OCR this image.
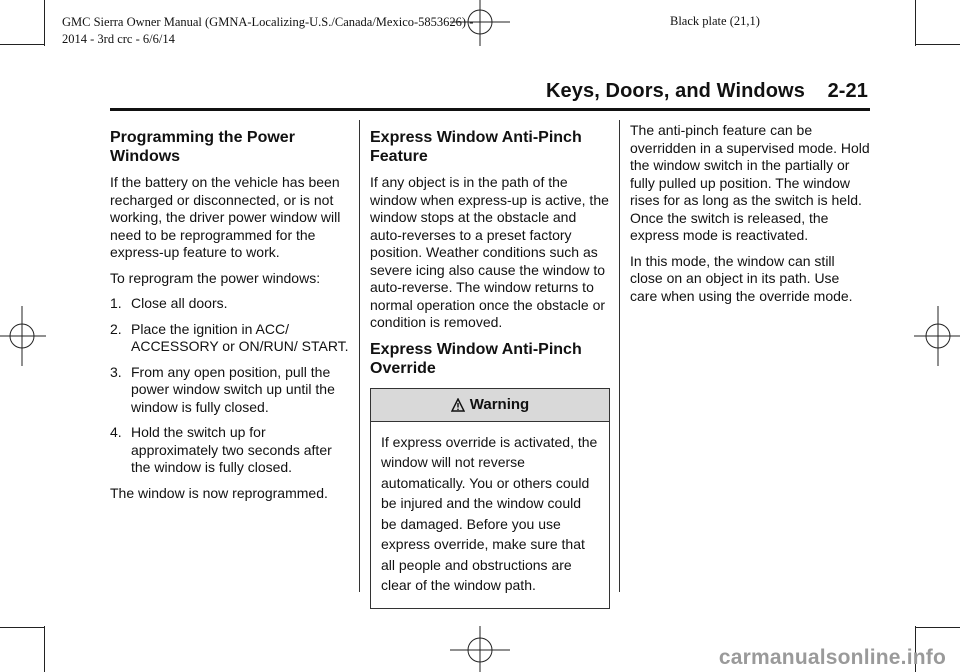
GMC Sierra Owner Manual (GMNA-Localizing-U.S./Canada/Mexico-5853626) - 2014 - 3rd crc - 6/6/14
Black plate (21,1)
Keys, Doors, and Windows    2-21
Programming the Power Windows

If the battery on the vehicle has been recharged or disconnected, or is not working, the driver power window will need to be reprogrammed for the express-up feature to work.

To reprogram the power windows:

1. Close all doors.
2. Place the ignition in ACC/ ACCESSORY or ON/RUN/ START.
3. From any open position, pull the power window switch up until the window is fully closed.
4. Hold the switch up for approximately two seconds after the window is fully closed.

The window is now reprogrammed.

Express Window Anti-Pinch Feature

If any object is in the path of the window when express-up is active, the window stops at the obstacle and auto-reverses to a preset factory position. Weather conditions such as severe icing also cause the window to auto-reverse. The window returns to normal operation once the obstacle or condition is removed.

Express Window Anti-Pinch Override
Warning
If express override is activated, the window will not reverse automatically. You or others could be injured and the window could be damaged. Before you use express override, make sure that all people and obstructions are clear of the window path.

The anti-pinch feature can be overridden in a supervised mode. Hold the window switch in the partially or fully pulled up position. The window rises for as long as the switch is held. Once the switch is released, the express mode is reactivated.

In this mode, the window can still close on an object in its path. Use care when using the override mode.

carmanualsonline.info
